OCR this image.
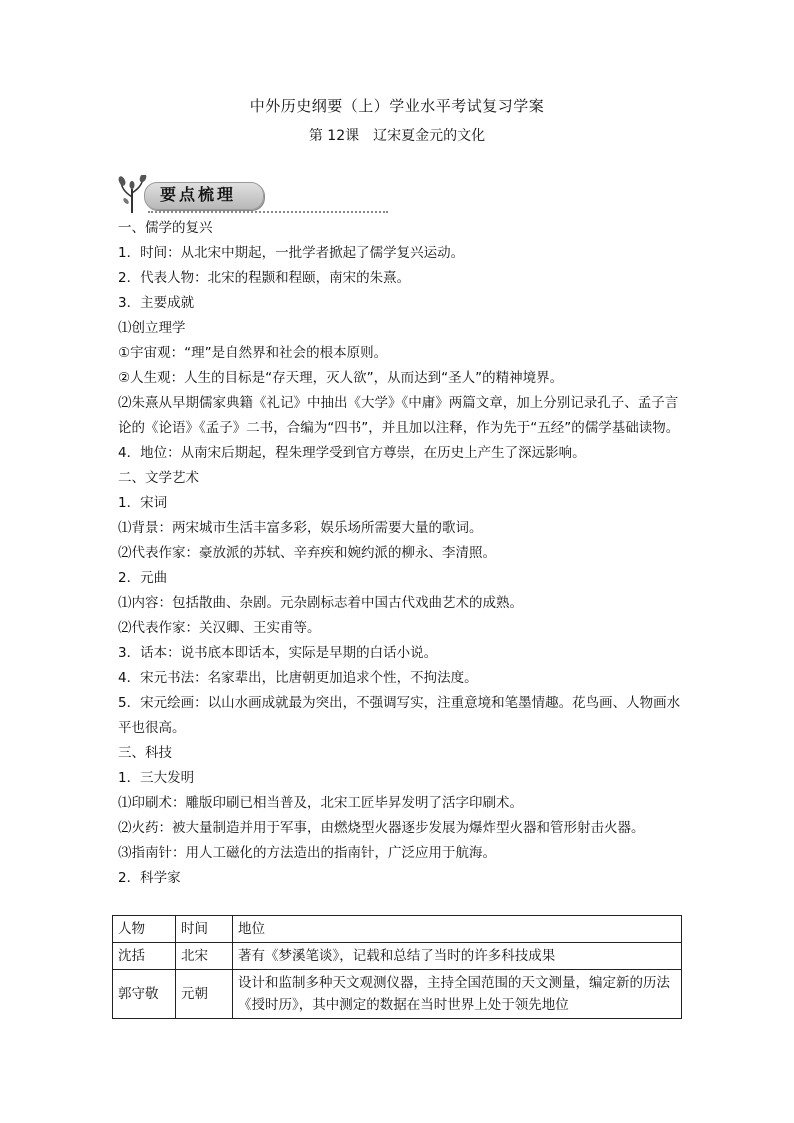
中外历史纲要（上）学业水平考试复习学案
第 12课　辽宋夏金元的文化
要点梳理

一、儒学的复兴

1．时间：从北宋中期起，一批学者掀起了儒学复兴运动。

2．代表人物：北宋的程颢和程颐，南宋的朱熹。

3．主要成就

⑴创立理学

①宇宙观：“理”是自然界和社会的根本原则。

②人生观：人生的目标是“存天理，灭人欲”，从而达到“圣人”的精神境界。

⑵朱熹从早期儒家典籍《礼记》中抽出《大学》《中庸》两篇文章，加上分别记录孔子、孟子言论的《论语》《孟子》二书，合编为“四书”，并且加以注释，作为先于“五经”的儒学基础读物。

4．地位：从南宋后期起，程朱理学受到官方尊崇，在历史上产生了深远影响。

二、文学艺术

1．宋词

⑴背景：两宋城市生活丰富多彩，娱乐场所需要大量的歌词。

⑵代表作家：豪放派的苏轼、辛弃疾和婉约派的柳永、李清照。

2．元曲

⑴内容：包括散曲、杂剧。元杂剧标志着中国古代戏曲艺术的成熟。

⑵代表作家：关汉卿、王实甫等。

3．话本：说书底本即话本，实际是早期的白话小说。

4．宋元书法：名家辈出，比唐朝更加追求个性，不拘法度。

5．宋元绘画：以山水画成就最为突出，不强调写实，注重意境和笔墨情趣。花鸟画、人物画水平也很高。

三、科技

1．三大发明

⑴印刷术：雕版印刷已相当普及，北宋工匠毕昇发明了活字印刷术。

⑵火药：被大量制造并用于军事，由燃烧型火器逐步发展为爆炸型火器和管形射击火器。

⑶指南针：用人工磁化的方法造出的指南针，广泛应用于航海。

2．科学家

人物	时间	地位
沈括	北宋	著有《梦溪笔谈》，记载和总结了当时的许多科技成果
郭守敬	元朝	设计和监制多种天文观测仪器，主持全国范围的天文测量，编定新的历法《授时历》，其中测定的数据在当时世界上处于领先地位
